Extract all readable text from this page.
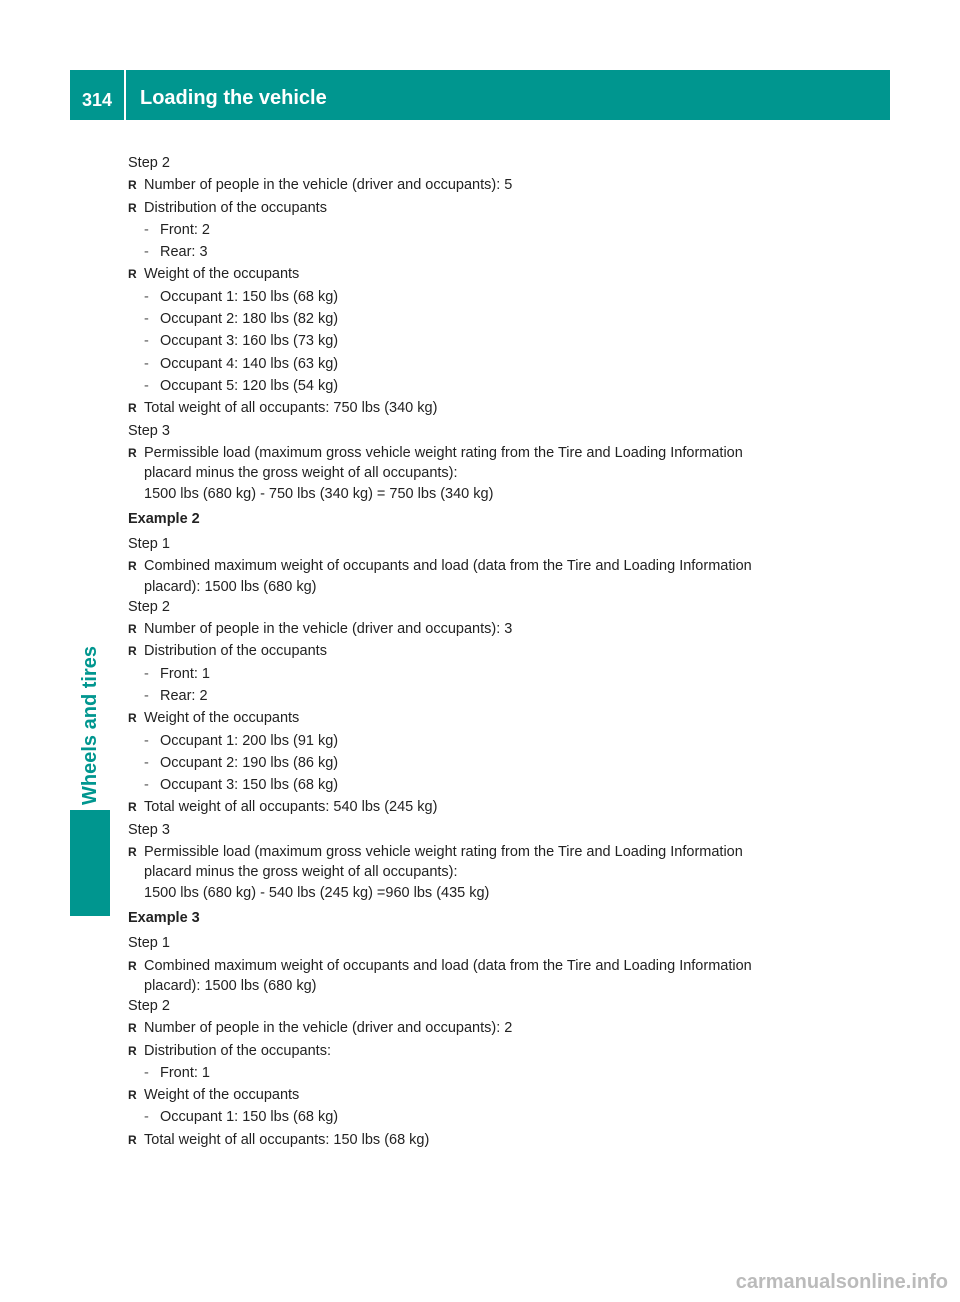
314	Loading the vehicle
Wheels and tires
Step 2
R Number of people in the vehicle (driver and occupants): 5
R Distribution of the occupants
- Front: 2
- Rear: 3
R Weight of the occupants
- Occupant 1: 150 lbs (68 kg)
- Occupant 2: 180 lbs (82 kg)
- Occupant 3: 160 lbs (73 kg)
- Occupant 4: 140 lbs (63 kg)
- Occupant 5: 120 lbs (54 kg)
R Total weight of all occupants: 750 lbs (340 kg)
Step 3
R Permissible load (maximum gross vehicle weight rating from the Tire and Loading Information
placard minus the gross weight of all occupants):
1500 lbs (680 kg) - 750 lbs (340 kg) = 750 lbs (340 kg)
Example 2
Step 1
R Combined maximum weight of occupants and load (data from the Tire and Loading Information
placard): 1500 lbs (680 kg)
Step 2
R Number of people in the vehicle (driver and occupants): 3
R Distribution of the occupants
- Front: 1
- Rear: 2
R Weight of the occupants
- Occupant 1: 200 lbs (91 kg)
- Occupant 2: 190 lbs (86 kg)
- Occupant 3: 150 lbs (68 kg)
R Total weight of all occupants: 540 lbs (245 kg)
Step 3
R Permissible load (maximum gross vehicle weight rating from the Tire and Loading Information
placard minus the gross weight of all occupants):
1500 lbs (680 kg) - 540 lbs (245 kg) =960 lbs (435 kg)
Example 3
Step 1
R Combined maximum weight of occupants and load (data from the Tire and Loading Information
placard): 1500 lbs (680 kg)
Step 2
R Number of people in the vehicle (driver and occupants): 2
R Distribution of the occupants:
- Front: 1
R Weight of the occupants
- Occupant 1: 150 lbs (68 kg)
R Total weight of all occupants: 150 lbs (68 kg)
carmanualsonline.info
